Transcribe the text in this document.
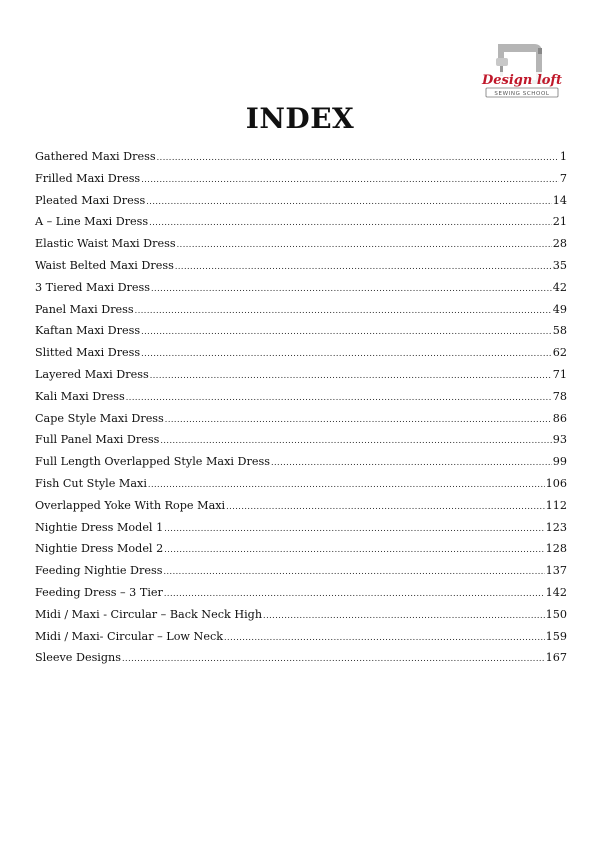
Design loft
SEWING SCHOOL
INDEX
Gathered Maxi Dress .....	1
Frilled Maxi Dress .....	7
Pleated Maxi Dress .....	14
A – Line Maxi Dress .....	21
Elastic Waist Maxi Dress .....	28
Waist Belted Maxi Dress .....	35
3 Tiered Maxi Dress .....	42
Panel Maxi Dress .....	49
Kaftan Maxi Dress .....	58
Slitted Maxi Dress .....	62
Layered Maxi Dress .....	71
Kali Maxi Dress .....	78
Cape Style Maxi Dress .....	86
Full Panel Maxi Dress .....	93
Full Length Overlapped Style Maxi Dress .....	99
Fish Cut Style Maxi .....	106
Overlapped Yoke With Rope Maxi .....	112
Nightie Dress Model 1 .....	123
Nightie Dress Model 2 .....	128
Feeding Nightie Dress .....	137
Feeding Dress – 3 Tier .....	142
Midi / Maxi - Circular – Back Neck High .....	150
Midi / Maxi- Circular – Low Neck .....	159
Sleeve Designs .....	167
